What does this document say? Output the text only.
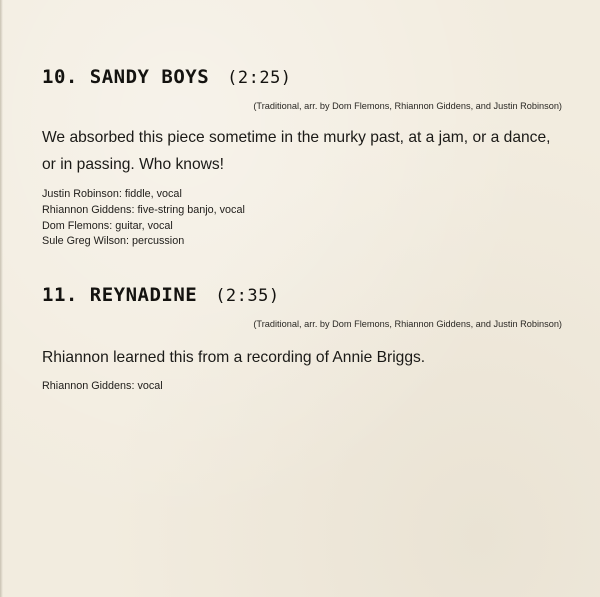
10. SANDY BOYS (2:25)
(Traditional, arr. by Dom Flemons, Rhiannon Giddens, and Justin Robinson)

We absorbed this piece sometime in the murky past, at a jam, or a dance, or in passing. Who knows!

Justin Robinson: fiddle, vocal
Rhiannon Giddens: five-string banjo, vocal
Dom Flemons: guitar, vocal
Sule Greg Wilson: percussion
11. REYNADINE (2:35)
(Traditional, arr. by Dom Flemons, Rhiannon Giddens, and Justin Robinson)

Rhiannon learned this from a recording of Annie Briggs.

Rhiannon Giddens: vocal
